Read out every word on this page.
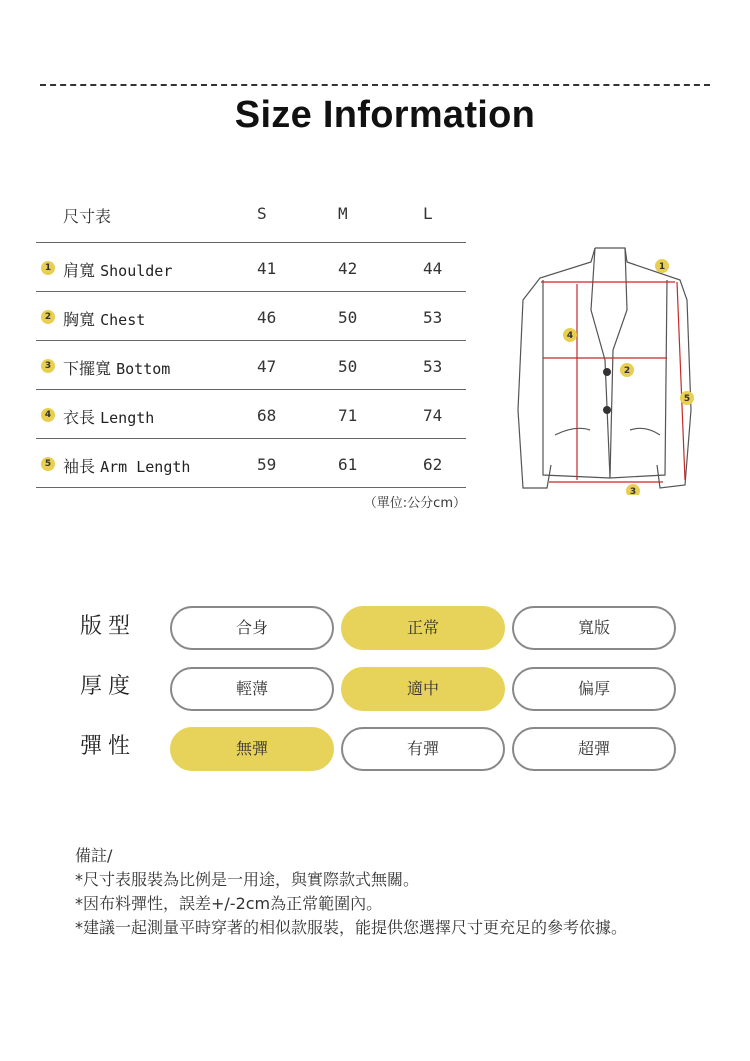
Size Information
尺寸表	S	M	L
1 肩寬 Shoulder	41	42	44
2 胸寬 Chest	46	50	53
3 下擺寬 Bottom	47	50	53
4 衣長 Length	68	71	74
5 袖長 Arm Length	59	61	62
（單位:公分cm）
1
2
3
4
5
版型	合身	正常	寬版
厚度	輕薄	適中	偏厚
彈性	無彈	有彈	超彈
備註/
*尺寸表服裝為比例是一用途，與實際款式無關。
*因布料彈性，誤差+/-2cm為正常範圍內。
*建議一起測量平時穿著的相似款服裝，能提供您選擇尺寸更充足的參考依據。
